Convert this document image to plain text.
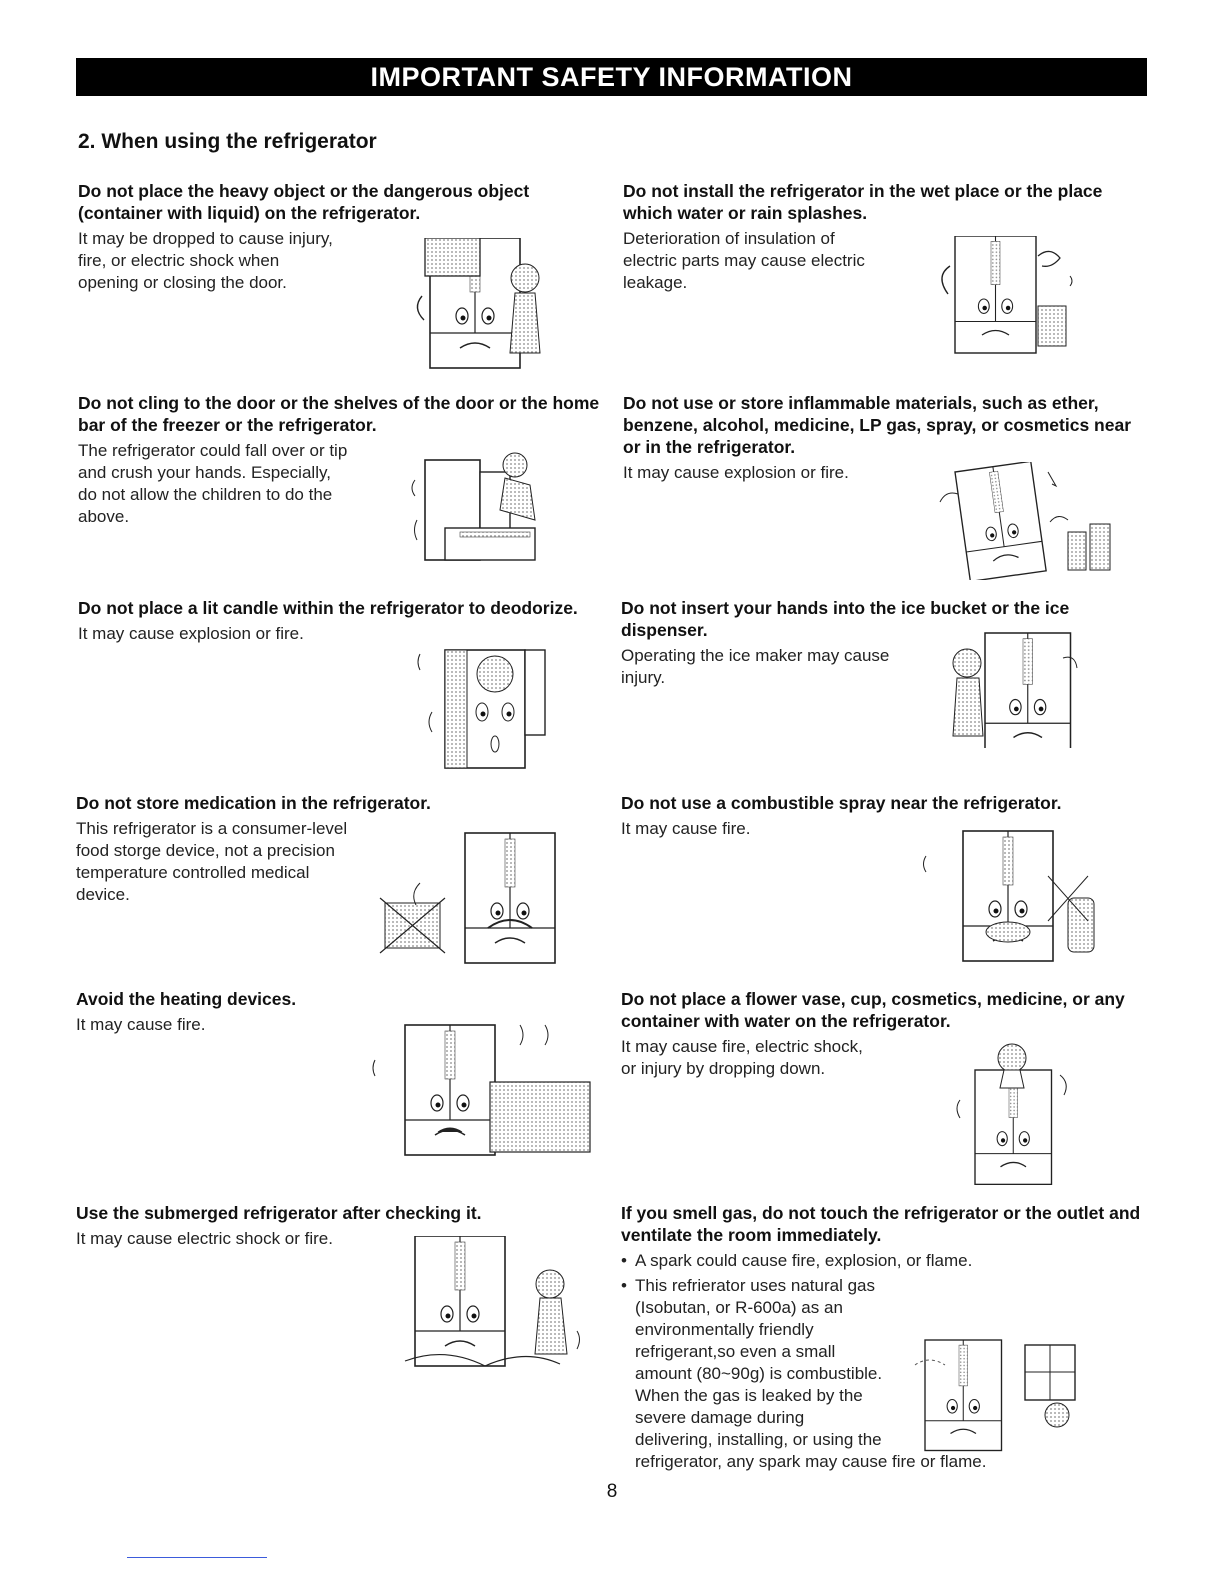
IMPORTANT SAFETY INFORMATION
2. When using the refrigerator
Do not place the heavy object or the dangerous object (container with liquid) on the refrigerator.

It may be dropped to cause injury, fire, or electric shock when opening or closing the door.

Do not install the refrigerator in the wet place or the place which water or rain splashes.

Deterioration of insulation of electric parts may cause electric leakage.

Do not cling to the door or the shelves of the door or the home bar of the freezer or the refrigerator.

The refrigerator could fall over or tip and crush your hands. Especially, do not allow the children to do the above.

Do not use or store inflammable materials, such as ether, benzene, alcohol, medicine, LP gas, spray, or cosmetics near or in the refrigerator.

It may cause explosion or fire.

Do not place a lit candle within the refrigerator to deodorize.

It may cause explosion or fire.

Do not insert your hands into the ice bucket or the ice dispenser.

Operating the ice maker may cause injury.

Do not store medication in the refrigerator.

This refrigerator is a consumer-level food storge device, not a precision temperature controlled medical device.

Do not use a combustible spray near the refrigerator.

It may cause fire.

Avoid the heating devices.

It may cause fire.

Do not place a flower vase, cup, cosmetics, medicine, or any container with water on the refrigerator.

It may cause fire, electric shock, or injury by dropping down.

Use the submerged refrigerator after checking it.

It may cause electric shock or fire.

If you smell gas, do not touch the refrigerator or the outlet and ventilate the room immediately.
• A spark could cause fire, explosion, or flame.
• This refrierator uses natural gas (Isobutan, or R-600a) as an environmentally friendly refrigerant,so even a small amount (80~90g) is combustible. When the gas is leaked by the severe damage during delivering, installing, or using the refrigerator, any spark may cause fire or flame.
8
